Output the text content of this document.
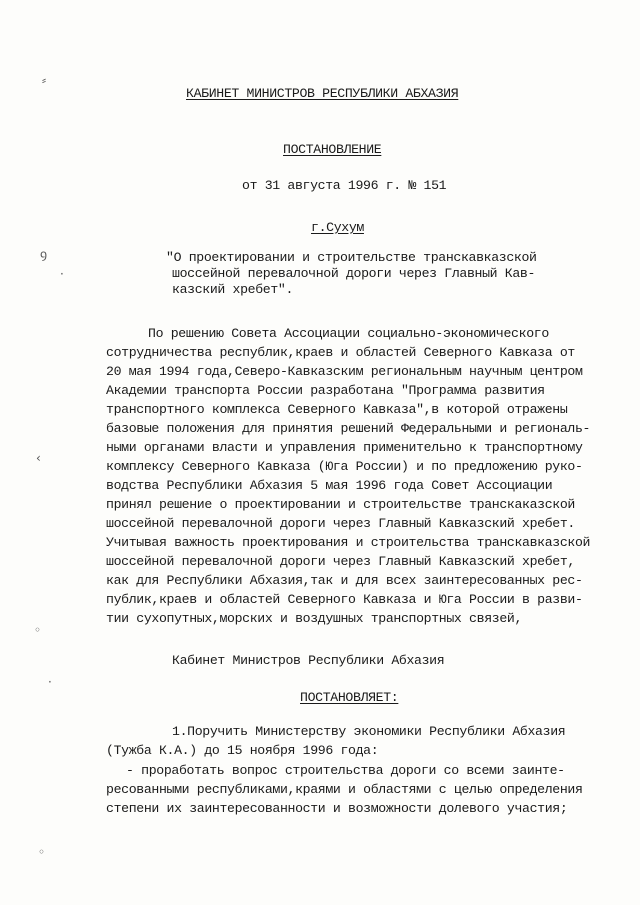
⸗
ꝯ
·
‹
◦
·
◦
КАБИНЕТ МИНИСТРОВ РЕСПУБЛИКИ АБХАЗИЯ
ПОСТАНОВЛЕНИЕ
от 31 августа 1996 г. № 151
г.Сухум
"О проектировании и строительстве транскавказской
шоссейной перевалочной дороги через Главный Кав-
казский хребет".
По решению Совета Ассоциации социально-экономического
сотрудничества республик,краев и областей Северного Кавказа от
20 мая 1994 года,Северо-Кавказским региональным научным центром
Академии транспорта России разработана "Программа развития
транспортного комплекса Северного Кавказа",в которой отражены
базовые положения для принятия решений Федеральными и региональ-
ными органами власти и управления применительно к транспортному
комплексу Северного Кавказа (Юга России) и по предложению руко-
водства Республики Абхазия 5 мая 1996 года Совет Ассоциации
принял решение о проектировании и строительстве транскаказской
шоссейной перевалочной дороги через Главный Кавказский хребет.
Учитывая важность проектирования и строительства транскавказской
шоссейной перевалочной дороги через Главный Кавказский хребет,
как для Республики Абхазия,так и для всех заинтересованных рес-
публик,краев и областей Северного Кавказа и Юга России в разви-
тии сухопутных,морских и воздушных транспортных связей,
Кабинет Министров Республики Абхазия
ПОСТАНОВЛЯЕТ:
1.Поручить Министерству экономики Республики Абхазия
(Тужба К.А.) до 15 ноября 1996 года:
- проработать вопрос строительства дороги со всеми заинте-
ресованными республиками,краями и областями с целью определения
степени их заинтересованности и возможности долевого участия;
